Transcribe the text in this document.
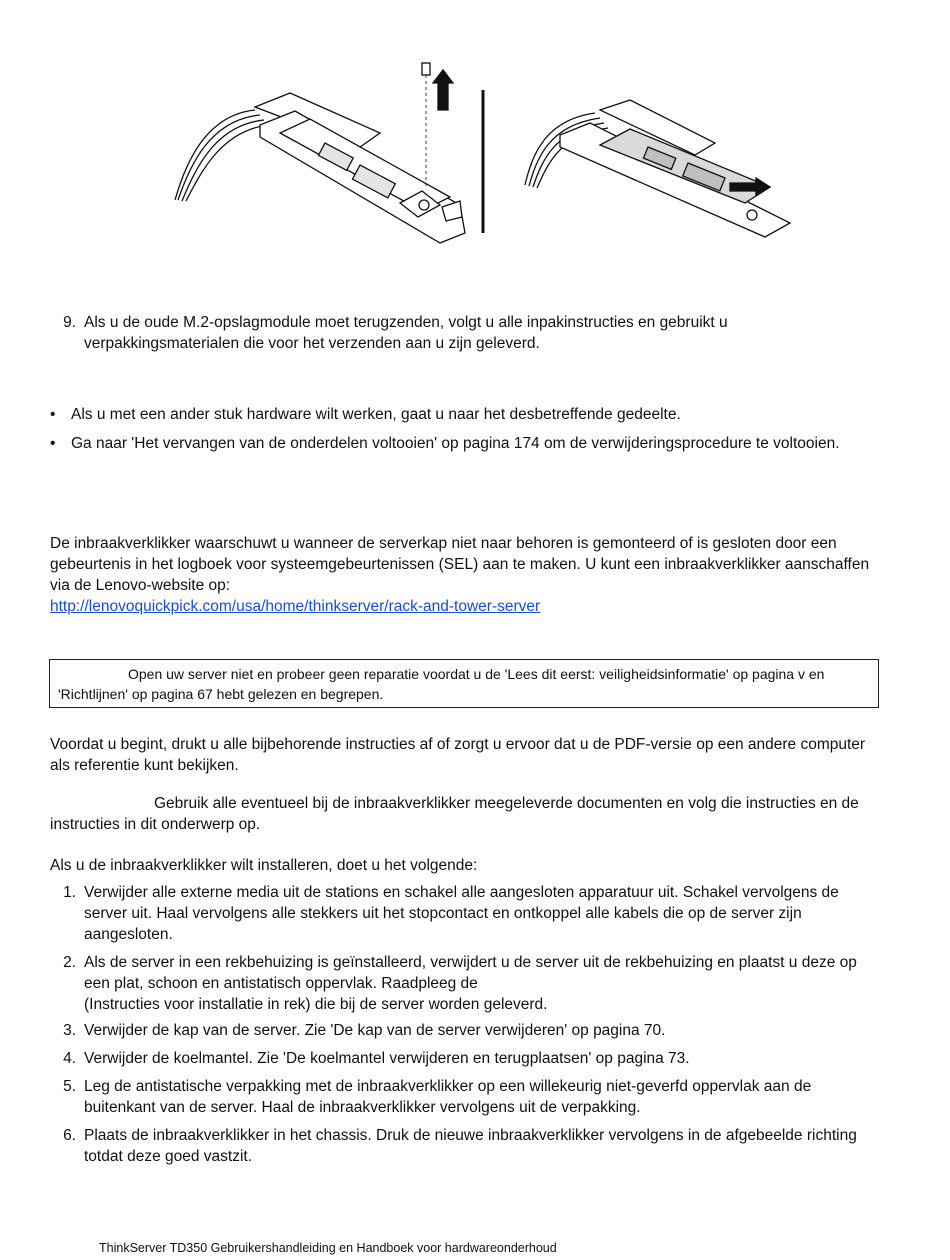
9. Als u de oude M.2-opslagmodule moet terugzenden, volgt u alle inpakinstructies en gebruikt u verpakkingsmaterialen die voor het verzenden aan u zijn geleverd.
• Als u met een ander stuk hardware wilt werken, gaat u naar het desbetreffende gedeelte.
• Ga naar 'Het vervangen van de onderdelen voltooien' op pagina 174 om de verwijderingsprocedure te voltooien.
De inbraakverklikker waarschuwt u wanneer de serverkap niet naar behoren is gemonteerd of is gesloten door een gebeurtenis in het logboek voor systeemgebeurtenissen (SEL) aan te maken. U kunt een inbraakverklikker aanschaffen via de Lenovo-website op:
http://lenovoquickpick.com/usa/home/thinkserver/rack-and-tower-server
Open uw server niet en probeer geen reparatie voordat u de 'Lees dit eerst: veiligheidsinformatie' op pagina v en 'Richtlijnen' op pagina 67 hebt gelezen en begrepen.
Voordat u begint, drukt u alle bijbehorende instructies af of zorgt u ervoor dat u de PDF-versie op een andere computer als referentie kunt bekijken.
Gebruik alle eventueel bij de inbraakverklikker meegeleverde documenten en volg die instructies en de instructies in dit onderwerp op.
Als u de inbraakverklikker wilt installeren, doet u het volgende:
1. Verwijder alle externe media uit de stations en schakel alle aangesloten apparatuur uit. Schakel vervolgens de server uit. Haal vervolgens alle stekkers uit het stopcontact en ontkoppel alle kabels die op de server zijn aangesloten.
2. Als de server in een rekbehuizing is geïnstalleerd, verwijdert u de server uit de rekbehuizing en plaatst u deze op een plat, schoon en antistatisch oppervlak. Raadpleeg de
(Instructies voor installatie in rek) die bij de server worden geleverd.
3. Verwijder de kap van de server. Zie 'De kap van de server verwijderen' op pagina 70.
4. Verwijder de koelmantel. Zie 'De koelmantel verwijderen en terugplaatsen' op pagina 73.
5. Leg de antistatische verpakking met de inbraakverklikker op een willekeurig niet-geverfd oppervlak aan de buitenkant van de server. Haal de inbraakverklikker vervolgens uit de verpakking.
6. Plaats de inbraakverklikker in het chassis. Druk de nieuwe inbraakverklikker vervolgens in de afgebeelde richting totdat deze goed vastzit.
ThinkServer TD350 Gebruikershandleiding en Handboek voor hardwareonderhoud
